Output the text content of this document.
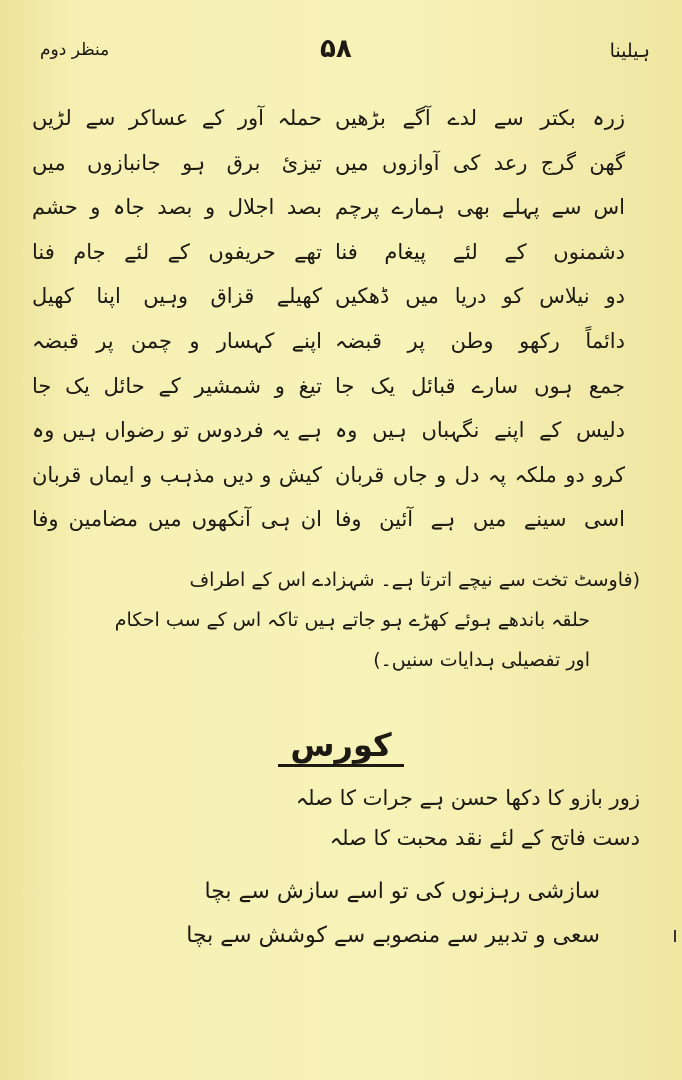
منظر دوم	۵۸	ہیلینا
زرہ بکتر سے لدے آگے بڑھیں
گھن گرج رعد کی آوازوں میں
اس سے پہلے بھی ہمارے پرچم
دشمنوں کے لئے پیغام فنا
دو نیلاس کو دریا میں ڈھکیں
دائماً رکھو وطن پر قبضہ
جمع ہوں سارے قبائل یک جا
دلیس کے اپنے نگہباں ہیں وہ
کرو دو ملکہ پہ دل و جاں قربان
اسی سینے میں ہے آئین وفا
حملہ آور کے عساکر سے لڑیں
تیزیٔ برق ہو جانبازوں میں
بصد اجلال و بصد جاہ و حشم
تھے حریفوں کے لئے جام فنا
کھیلے قزاق وہیں اپنا کھیل
اپنے کہسار و چمن پر قبضہ
تیغ و شمشیر کے حائل یک جا
ہے یہ فردوس تو رضواں ہیں وہ
کیش و دیں مذہب و ایماں قربان
ان ہی آنکھوں میں مضامین وفا
(فاوسٹ تخت سے نیچے اترتا ہے۔ شہزادے اس کے اطراف
حلقہ باندھے ہوئے کھڑے ہو جاتے ہیں تاکہ اس کے سب احکام
اور تفصیلی ہدایات سنیں۔)
کورس
زور بازو کا دکھا حسن ہے جرات کا صلہ
دست فاتح کے لئے نقد محبت کا صلہ
سازشی رہزنوں کی تو اسے سازش سے بچا
سعی و تدبیر سے منصوبے سے کوشش سے بچا
